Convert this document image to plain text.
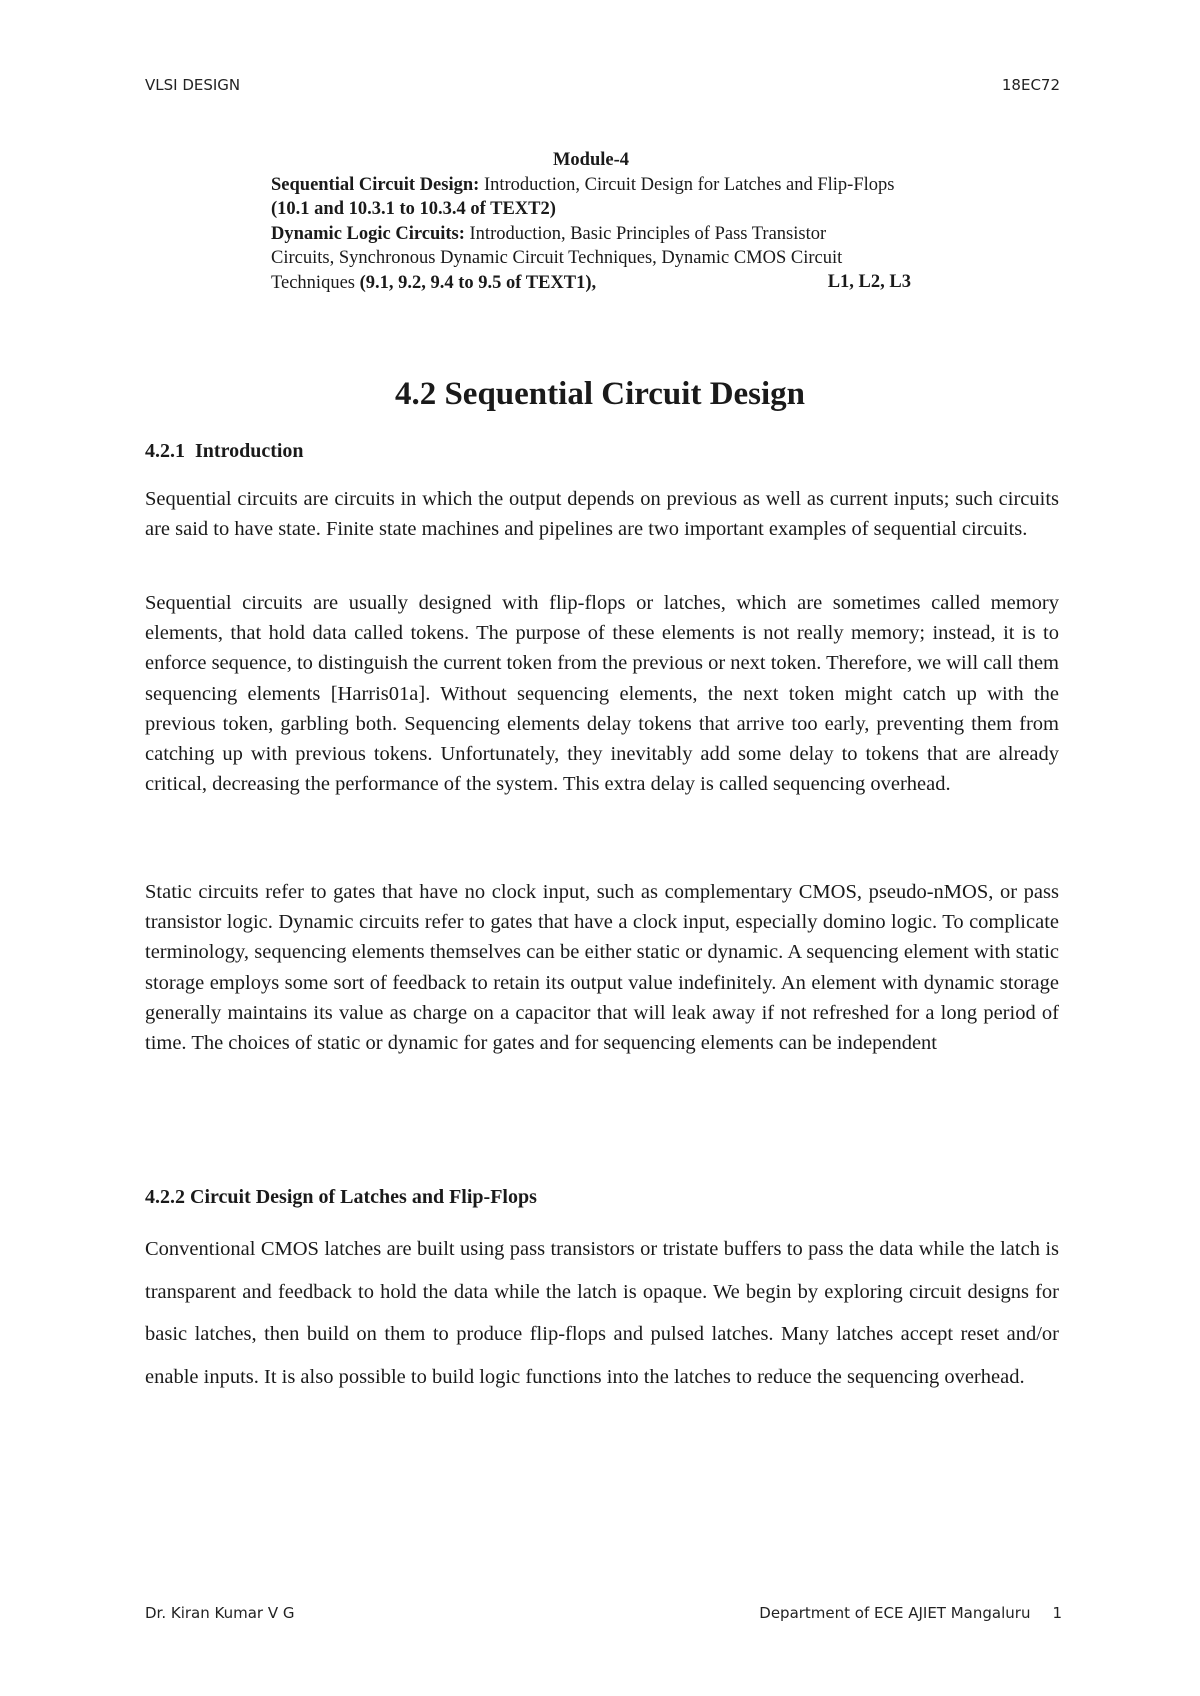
VLSI DESIGN	18EC72
Module-4
Sequential Circuit Design: Introduction, Circuit Design for Latches and Flip-Flops (10.1 and 10.3.1 to 10.3.4 of TEXT2)
L1, L2, L3
Dynamic Logic Circuits: Introduction, Basic Principles of Pass Transistor Circuits, Synchronous Dynamic Circuit Techniques, Dynamic CMOS Circuit Techniques (9.1, 9.2, 9.4 to 9.5 of TEXT1),
4.2 Sequential Circuit Design
4.2.1  Introduction

Sequential circuits are circuits in which the output depends on previous as well as current inputs; such circuits are said to have state. Finite state machines and pipelines are two important examples of sequential circuits.

Sequential circuits are usually designed with flip-flops or latches, which are sometimes called memory elements, that hold data called tokens. The purpose of these elements is not really memory; instead, it is to enforce sequence, to distinguish the current token from the previous or next token. Therefore, we will call them sequencing elements [Harris01a]. Without sequencing elements, the next token might catch up with the previous token, garbling both. Sequencing elements delay tokens that arrive too early, preventing them from catching up with previous tokens. Unfortunately, they inevitably add some delay to tokens that are already critical, decreasing the performance of the system. This extra delay is called sequencing overhead.

Static circuits refer to gates that have no clock input, such as complementary CMOS, pseudo-nMOS, or pass transistor logic. Dynamic circuits refer to gates that have a clock input, especially domino logic. To complicate terminology, sequencing elements themselves can be either static or dynamic. A sequencing element with static storage employs some sort of feedback to retain its output value indefinitely. An element with dynamic storage generally maintains its value as charge on a capacitor that will leak away if not refreshed for a long period of time. The choices of static or dynamic for gates and for sequencing elements can be independent

4.2.2 Circuit Design of Latches and Flip-Flops

Conventional CMOS latches are built using pass transistors or tristate buffers to pass the data while the latch is transparent and feedback to hold the data while the latch is opaque. We begin by exploring circuit designs for basic latches, then build on them to produce flip-flops and pulsed latches. Many latches accept reset and/or enable inputs. It is also possible to build logic functions into the latches to reduce the sequencing overhead.

Dr. Kiran Kumar V G	Department of ECE AJIET Mangaluru 1
